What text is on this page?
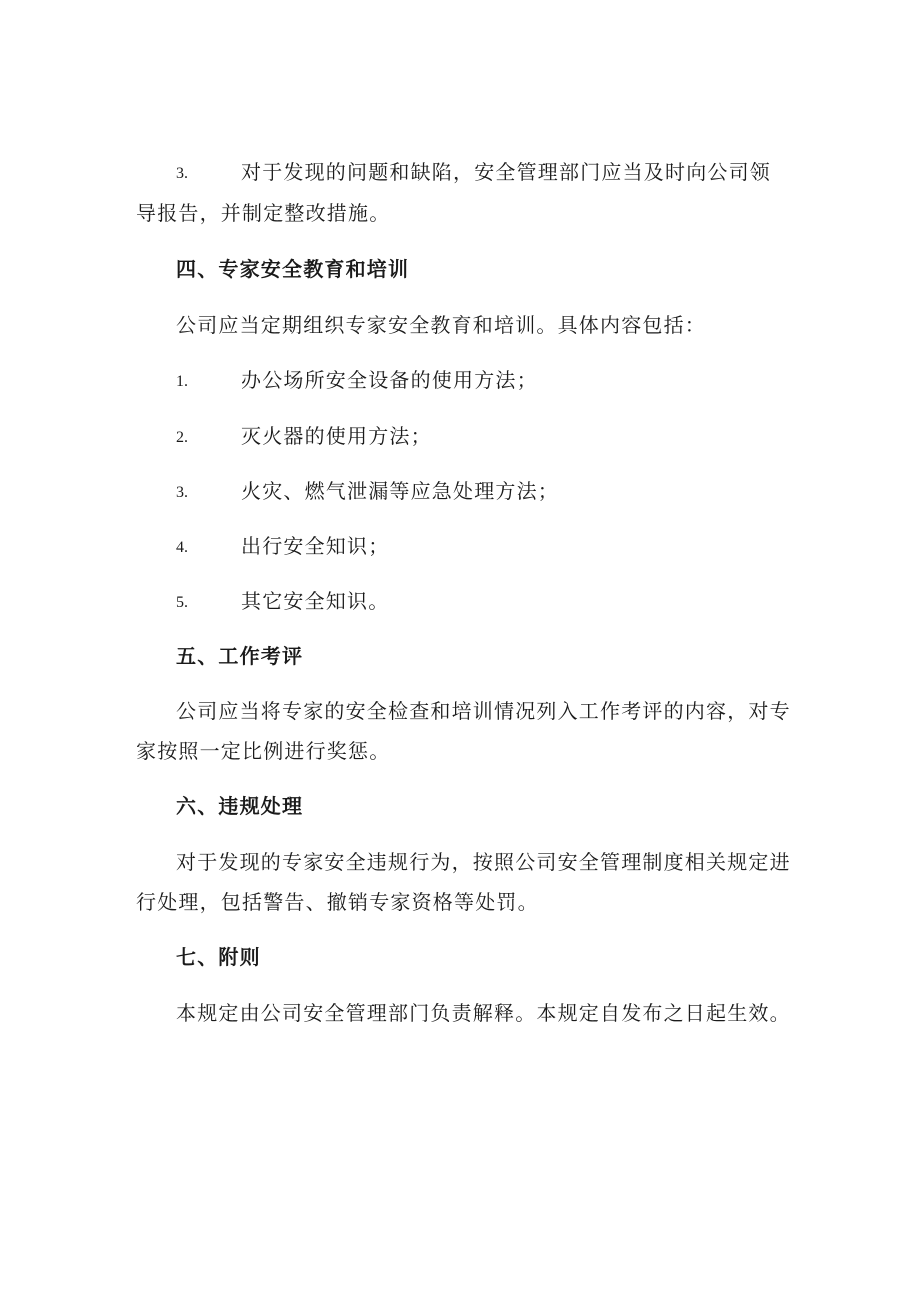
3.	对于发现的问题和缺陷，安全管理部门应当及时向公司领
导报告，并制定整改措施。
四、专家安全教育和培训
公司应当定期组织专家安全教育和培训。具体内容包括：
1.	办公场所安全设备的使用方法；
2.	灭火器的使用方法；
3.	火灾、燃气泄漏等应急处理方法；
4.	出行安全知识；
5.	其它安全知识。
五、工作考评
公司应当将专家的安全检查和培训情况列入工作考评的内容，对专
家按照一定比例进行奖惩。
六、违规处理
对于发现的专家安全违规行为，按照公司安全管理制度相关规定进
行处理，包括警告、撤销专家资格等处罚。
七、附则
本规定由公司安全管理部门负责解释。本规定自发布之日起生效。
